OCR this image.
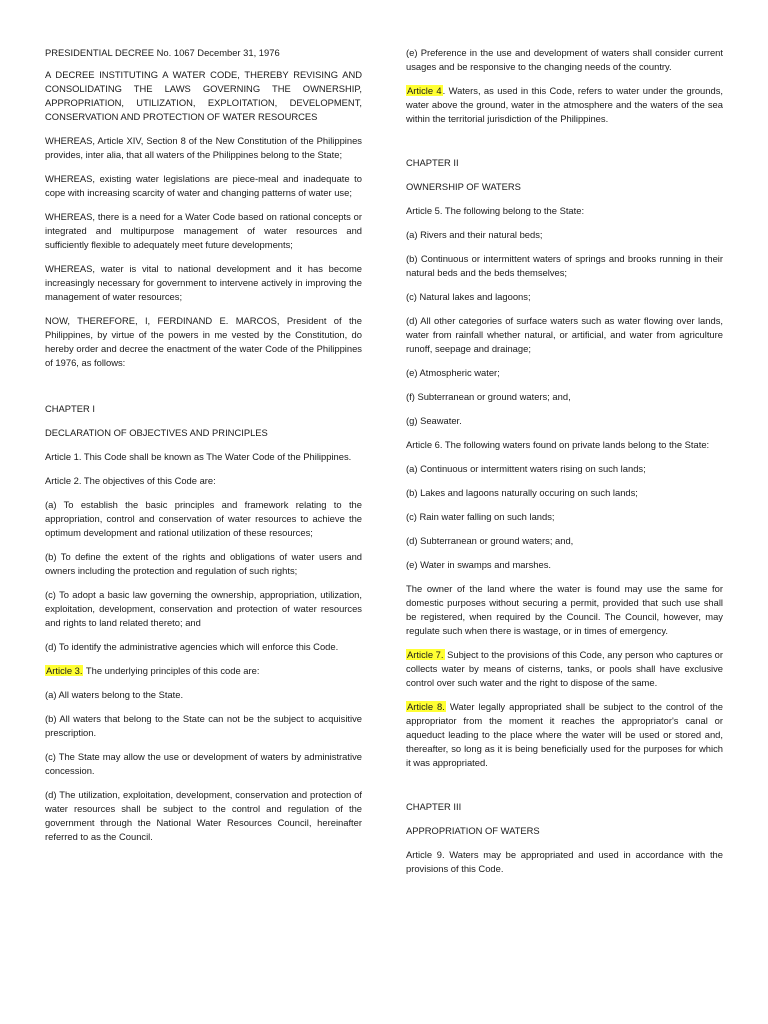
PRESIDENTIAL DECREE No. 1067 December 31, 1976

A DECREE INSTITUTING A WATER CODE, THEREBY REVISING AND CONSOLIDATING THE LAWS GOVERNING THE OWNERSHIP, APPROPRIATION, UTILIZATION, EXPLOITATION, DEVELOPMENT, CONSERVATION AND PROTECTION OF WATER RESOURCES

WHEREAS, Article XIV, Section 8 of the New Constitution of the Philippines provides, inter alia, that all waters of the Philippines belong to the State;

WHEREAS, existing water legislations are piece-meal and inadequate to cope with increasing scarcity of water and changing patterns of water use;

WHEREAS, there is a need for a Water Code based on rational concepts or integrated and multipurpose management of water resources and sufficiently flexible to adequately meet future developments;

WHEREAS, water is vital to national development and it has become increasingly necessary for government to intervene actively in improving the management of water resources;

NOW, THEREFORE, I, FERDINAND E. MARCOS, President of the Philippines, by virtue of the powers in me vested by the Constitution, do hereby order and decree the enactment of the water Code of the Philippines of 1976, as follows:

CHAPTER I

DECLARATION OF OBJECTIVES AND PRINCIPLES

Article 1. This Code shall be known as The Water Code of the Philippines.

Article 2. The objectives of this Code are:

(a) To establish the basic principles and framework relating to the appropriation, control and conservation of water resources to achieve the optimum development and rational utilization of these resources;

(b) To define the extent of the rights and obligations of water users and owners including the protection and regulation of such rights;

(c) To adopt a basic law governing the ownership, appropriation, utilization, exploitation, development, conservation and protection of water resources and rights to land related thereto; and

(d) To identify the administrative agencies which will enforce this Code.

Article 3. The underlying principles of this code are:

(a) All waters belong to the State.

(b) All waters that belong to the State can not be the subject to acquisitive prescription.

(c) The State may allow the use or development of waters by administrative concession.

(d) The utilization, exploitation, development, conservation and protection of water resources shall be subject to the control and regulation of the government through the National Water Resources Council, hereinafter referred to as the Council.

(e) Preference in the use and development of waters shall consider current usages and be responsive to the changing needs of the country.

Article 4. Waters, as used in this Code, refers to water under the grounds, water above the ground, water in the atmosphere and the waters of the sea within the territorial jurisdiction of the Philippines.

CHAPTER II

OWNERSHIP OF WATERS

Article 5. The following belong to the State:

(a) Rivers and their natural beds;

(b) Continuous or intermittent waters of springs and brooks running in their natural beds and the beds themselves;

(c) Natural lakes and lagoons;

(d) All other categories of surface waters such as water flowing over lands, water from rainfall whether natural, or artificial, and water from agriculture runoff, seepage and drainage;

(e) Atmospheric water;

(f) Subterranean or ground waters; and,

(g) Seawater.

Article 6. The following waters found on private lands belong to the State:

(a) Continuous or intermittent waters rising on such lands;

(b) Lakes and lagoons naturally occuring on such lands;

(c) Rain water falling on such lands;

(d) Subterranean or ground waters; and,

(e) Water in swamps and marshes.

The owner of the land where the water is found may use the same for domestic purposes without securing a permit, provided that such use shall be registered, when required by the Council. The Council, however, may regulate such when there is wastage, or in times of emergency.

Article 7. Subject to the provisions of this Code, any person who captures or collects water by means of cisterns, tanks, or pools shall have exclusive control over such water and the right to dispose of the same.

Article 8. Water legally appropriated shall be subject to the control of the appropriator from the moment it reaches the appropriator's canal or aqueduct leading to the place where the water will be used or stored and, thereafter, so long as it is being beneficially used for the purposes for which it was appropriated.

CHAPTER III

APPROPRIATION OF WATERS

Article 9. Waters may be appropriated and used in accordance with the provisions of this Code.
